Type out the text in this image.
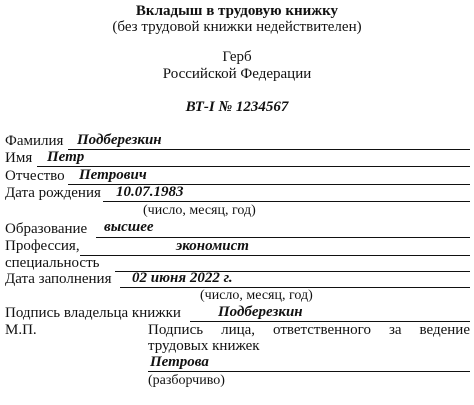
Вкладыш в трудовую книжку
(без трудовой книжки недействителен)
Герб
Российской Федерации
ВТ-I № 1234567
Фамилия Подберезкин
Имя Петр
Отчество Петрович
Дата рождения 10.07.1983
(число, месяц, год)
Образование высшее
Профессия,	экономист
специальность
Дата заполнения 02 июня 2022 г.
(число, месяц, год)
Подпись владельца книжки Подберезкин
М.П.	Подпись лица, ответственного за ведение
трудовых книжек
Петрова
(разборчиво)
